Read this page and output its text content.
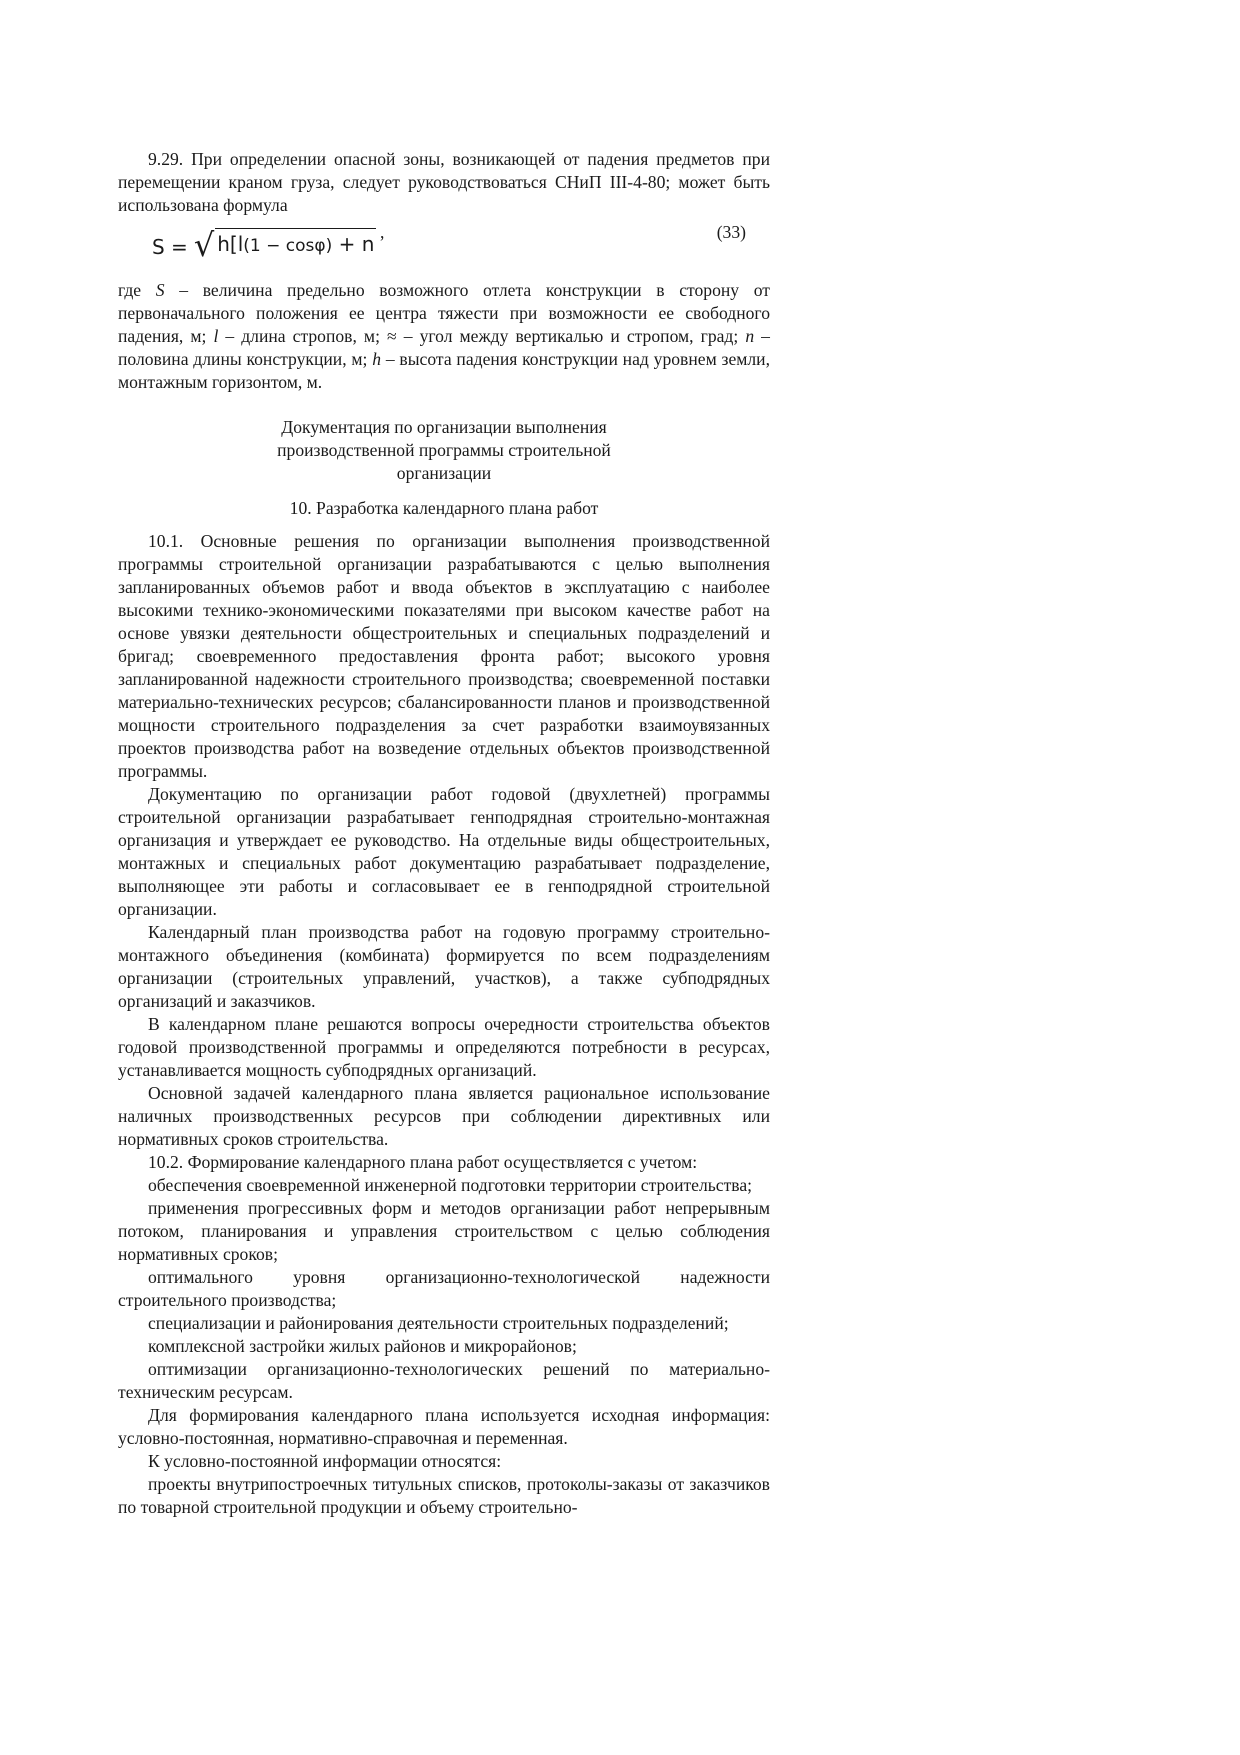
9.29. При определении опасной зоны, возникающей от падения предметов при перемещении краном груза, следует руководствоваться СНиП III-4-80; может быть использована формула

S = √ h[l(1 − cosφ) + n ,	(33)

где S – величина предельно возможного отлета конструкции в сторону от первоначального положения ее центра тяжести при возможности ее свободного падения, м; l – длина стропов, м; ≈ – угол между вертикалью и стропом, град; n – половина длины конструкции, м; h – высота падения конструкции над уровнем земли, монтажным горизонтом, м.

Документация по организации выполнения производственной программы строительной организации

10. Разработка календарного плана работ

10.1. Основные решения по организации выполнения производственной программы строительной организации разрабатываются с целью выполнения запланированных объемов работ и ввода объектов в эксплуатацию с наиболее высокими технико-экономическими показателями при высоком качестве работ на основе увязки деятельности общестроительных и специальных подразделений и бригад; своевременного предоставления фронта работ; высокого уровня запланированной надежности строительного производства; своевременной поставки материально-технических ресурсов; сбалансированности планов и производственной мощности строительного подразделения за счет разработки взаимоувязанных проектов производства работ на возведение отдельных объектов производственной программы.

Документацию по организации работ годовой (двухлетней) программы строительной организации разрабатывает генподрядная строительно-монтажная организация и утверждает ее руководство. На отдельные виды общестроительных, монтажных и специальных работ документацию разрабатывает подразделение, выполняющее эти работы и согласовывает ее в генподрядной строительной организации.

Календарный план производства работ на годовую программу строительно-монтажного объединения (комбината) формируется по всем подразделениям организации (строительных управлений, участков), а также субподрядных организаций и заказчиков.

В календарном плане решаются вопросы очередности строительства объектов годовой производственной программы и определяются потребности в ресурсах, устанавливается мощность субподрядных организаций.

Основной задачей календарного плана является рациональное использование наличных производственных ресурсов при соблюдении директивных или нормативных сроков строительства.

10.2. Формирование календарного плана работ осуществляется с учетом:

обеспечения своевременной инженерной подготовки территории строительства;

применения прогрессивных форм и методов организации работ непрерывным потоком, планирования и управления строительством с целью соблюдения нормативных сроков;

оптимального уровня организационно-технологической надежности строительного производства;

специализации и районирования деятельности строительных подразделений;

комплексной застройки жилых районов и микрорайонов;

оптимизации организационно-технологических решений по материально-техническим ресурсам.

Для формирования календарного плана используется исходная информация: условно-постоянная, нормативно-справочная и переменная.

К условно-постоянной информации относятся:

проекты внутрипостроечных титульных списков, протоколы-заказы от заказчиков по товарной строительной продукции и объему строительно-
